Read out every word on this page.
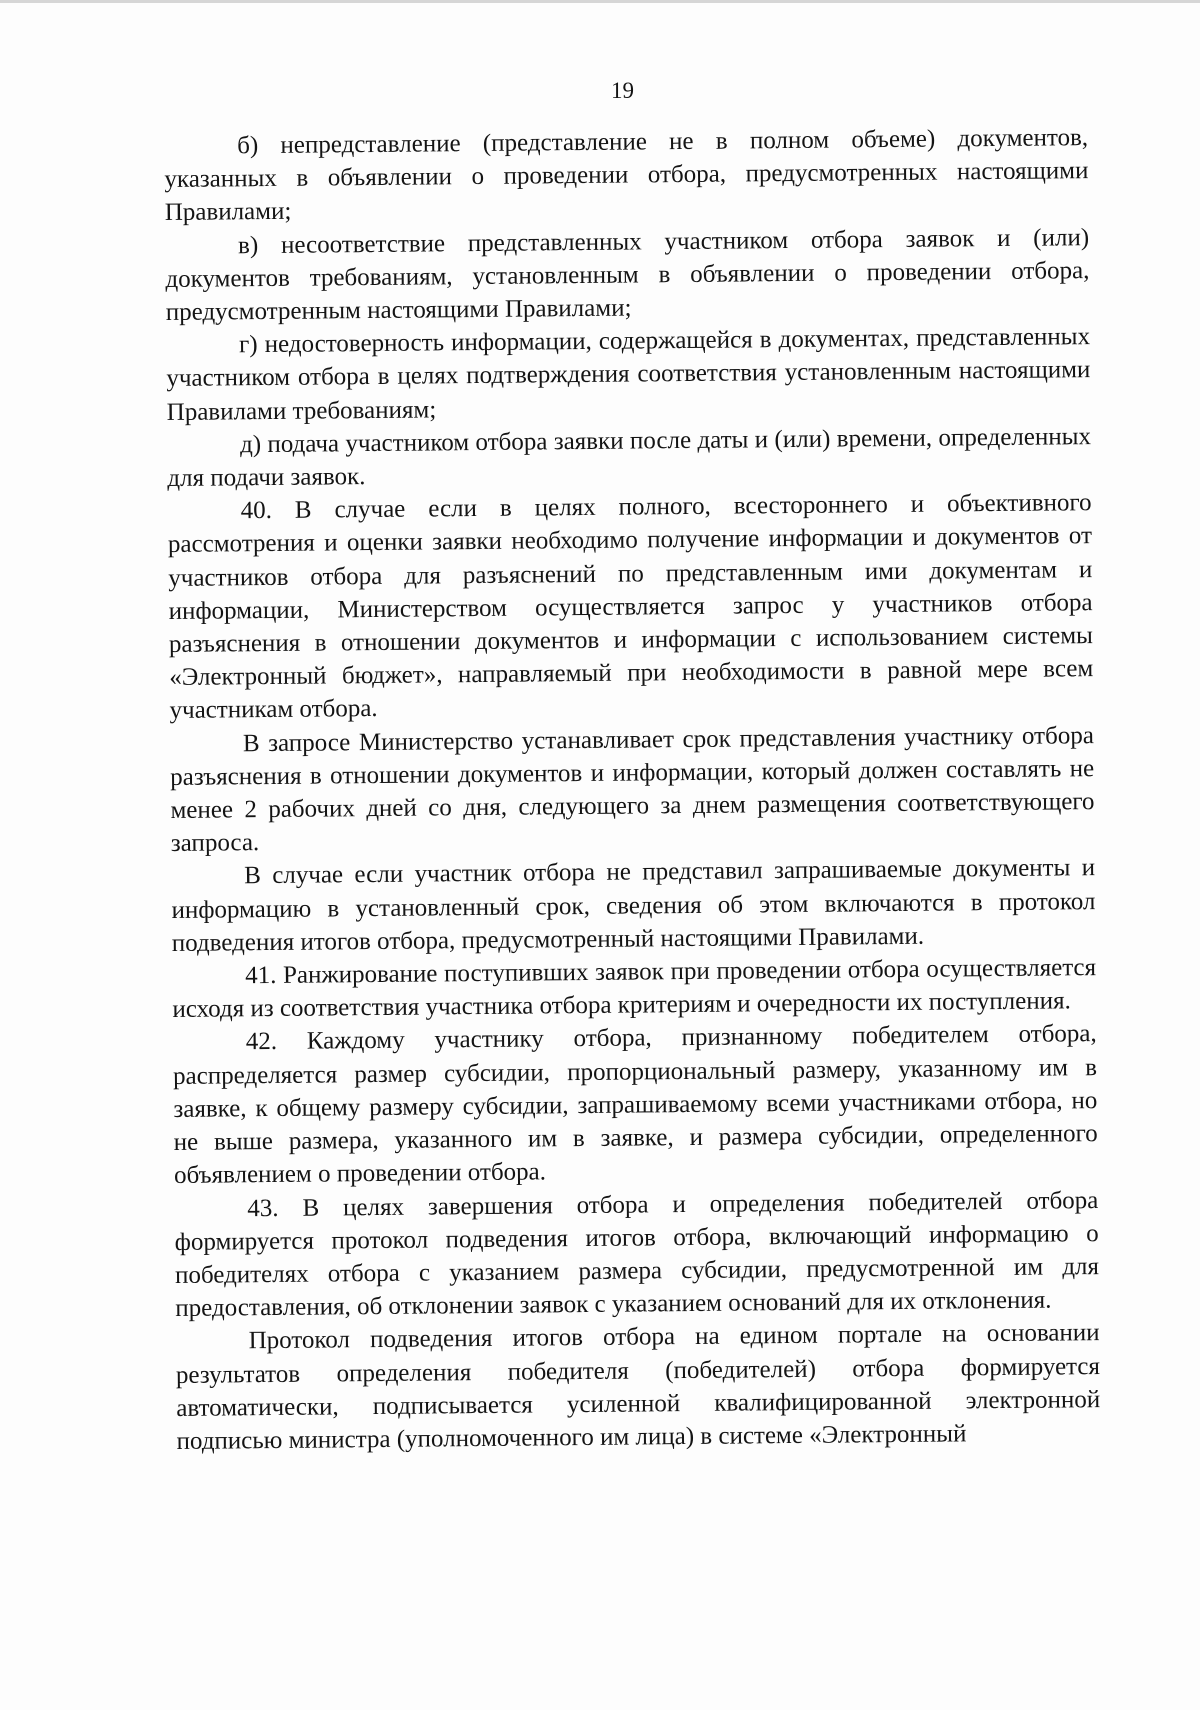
19

б) непредставление (представление не в полном объеме) документов, указанных в объявлении о проведении отбора, предусмотренных настоящими Правилами;

в) несоответствие представленных участником отбора заявок и (или) документов требованиям, установленным в объявлении о проведении отбора, предусмотренным настоящими Правилами;

г) недостоверность информации, содержащейся в документах, представленных участником отбора в целях подтверждения соответствия установленным настоящими Правилами требованиям;

д) подача участником отбора заявки после даты и (или) времени, определенных для подачи заявок.

40. В случае если в целях полного, всестороннего и объективного рассмотрения и оценки заявки необходимо получение информации и документов от участников отбора для разъяснений по представленным ими документам и информации, Министерством осуществляется запрос у участников отбора разъяснения в отношении документов и информации с использованием системы «Электронный бюджет», направляемый при необходимости в равной мере всем участникам отбора.

В запросе Министерство устанавливает срок представления участнику отбора разъяснения в отношении документов и информации, который должен составлять не менее 2 рабочих дней со дня, следующего за днем размещения соответствующего запроса.

В случае если участник отбора не представил запрашиваемые документы и информацию в установленный срок, сведения об этом включаются в протокол подведения итогов отбора, предусмотренный настоящими Правилами.

41. Ранжирование поступивших заявок при проведении отбора осуществляется исходя из соответствия участника отбора критериям и очередности их поступления.

42. Каждому участнику отбора, признанному победителем отбора, распределяется размер субсидии, пропорциональный размеру, указанному им в заявке, к общему размеру субсидии, запрашиваемому всеми участниками отбора, но не выше размера, указанного им в заявке, и размера субсидии, определенного объявлением о проведении отбора.

43. В целях завершения отбора и определения победителей отбора формируется протокол подведения итогов отбора, включающий информацию о победителях отбора с указанием размера субсидии, предусмотренной им для предоставления, об отклонении заявок с указанием оснований для их отклонения.

Протокол подведения итогов отбора на едином портале на основании результатов определения победителя (победителей) отбора формируется автоматически, подписывается усиленной квалифицированной электронной подписью министра (уполномоченного им лица) в системе «Электронный
